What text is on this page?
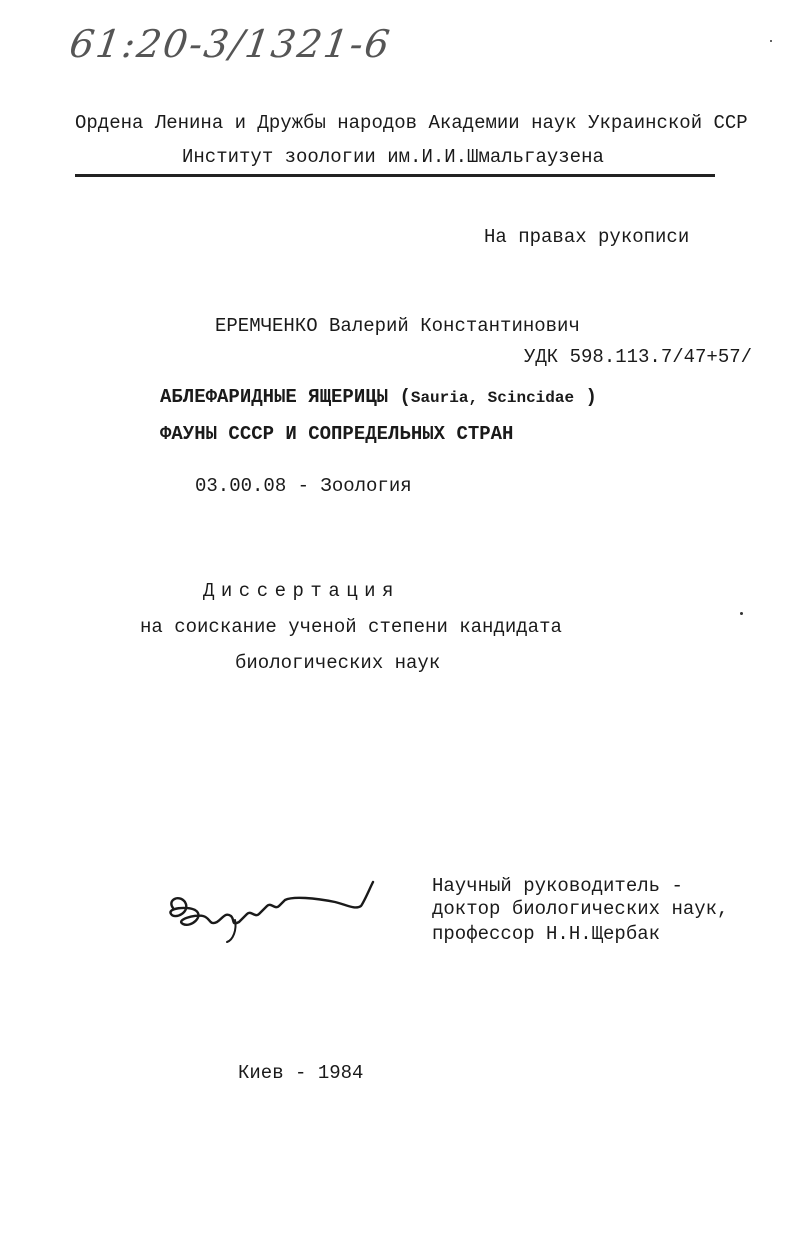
61:20-3/1321-6
Ордена Ленина и Дружбы народов Академии наук Украинской ССР
Институт зоологии им.И.И.Шмальгаузена
На правах рукописи
ЕРЕМЧЕНКО Валерий Константинович
УДК 598.113.7/47+57/
АБЛЕФАРИДНЫЕ ЯЩЕРИЦЫ (Sauria, Scincidae )
ФАУНЫ СССР И СОПРЕДЕЛЬНЫХ СТРАН
03.00.08 - Зоология
Диссертация
на соискание ученой степени кандидата
биологических наук
Научный руководитель -
доктор биологических наук,
профессор Н.Н.Щербак
Киев - 1984
